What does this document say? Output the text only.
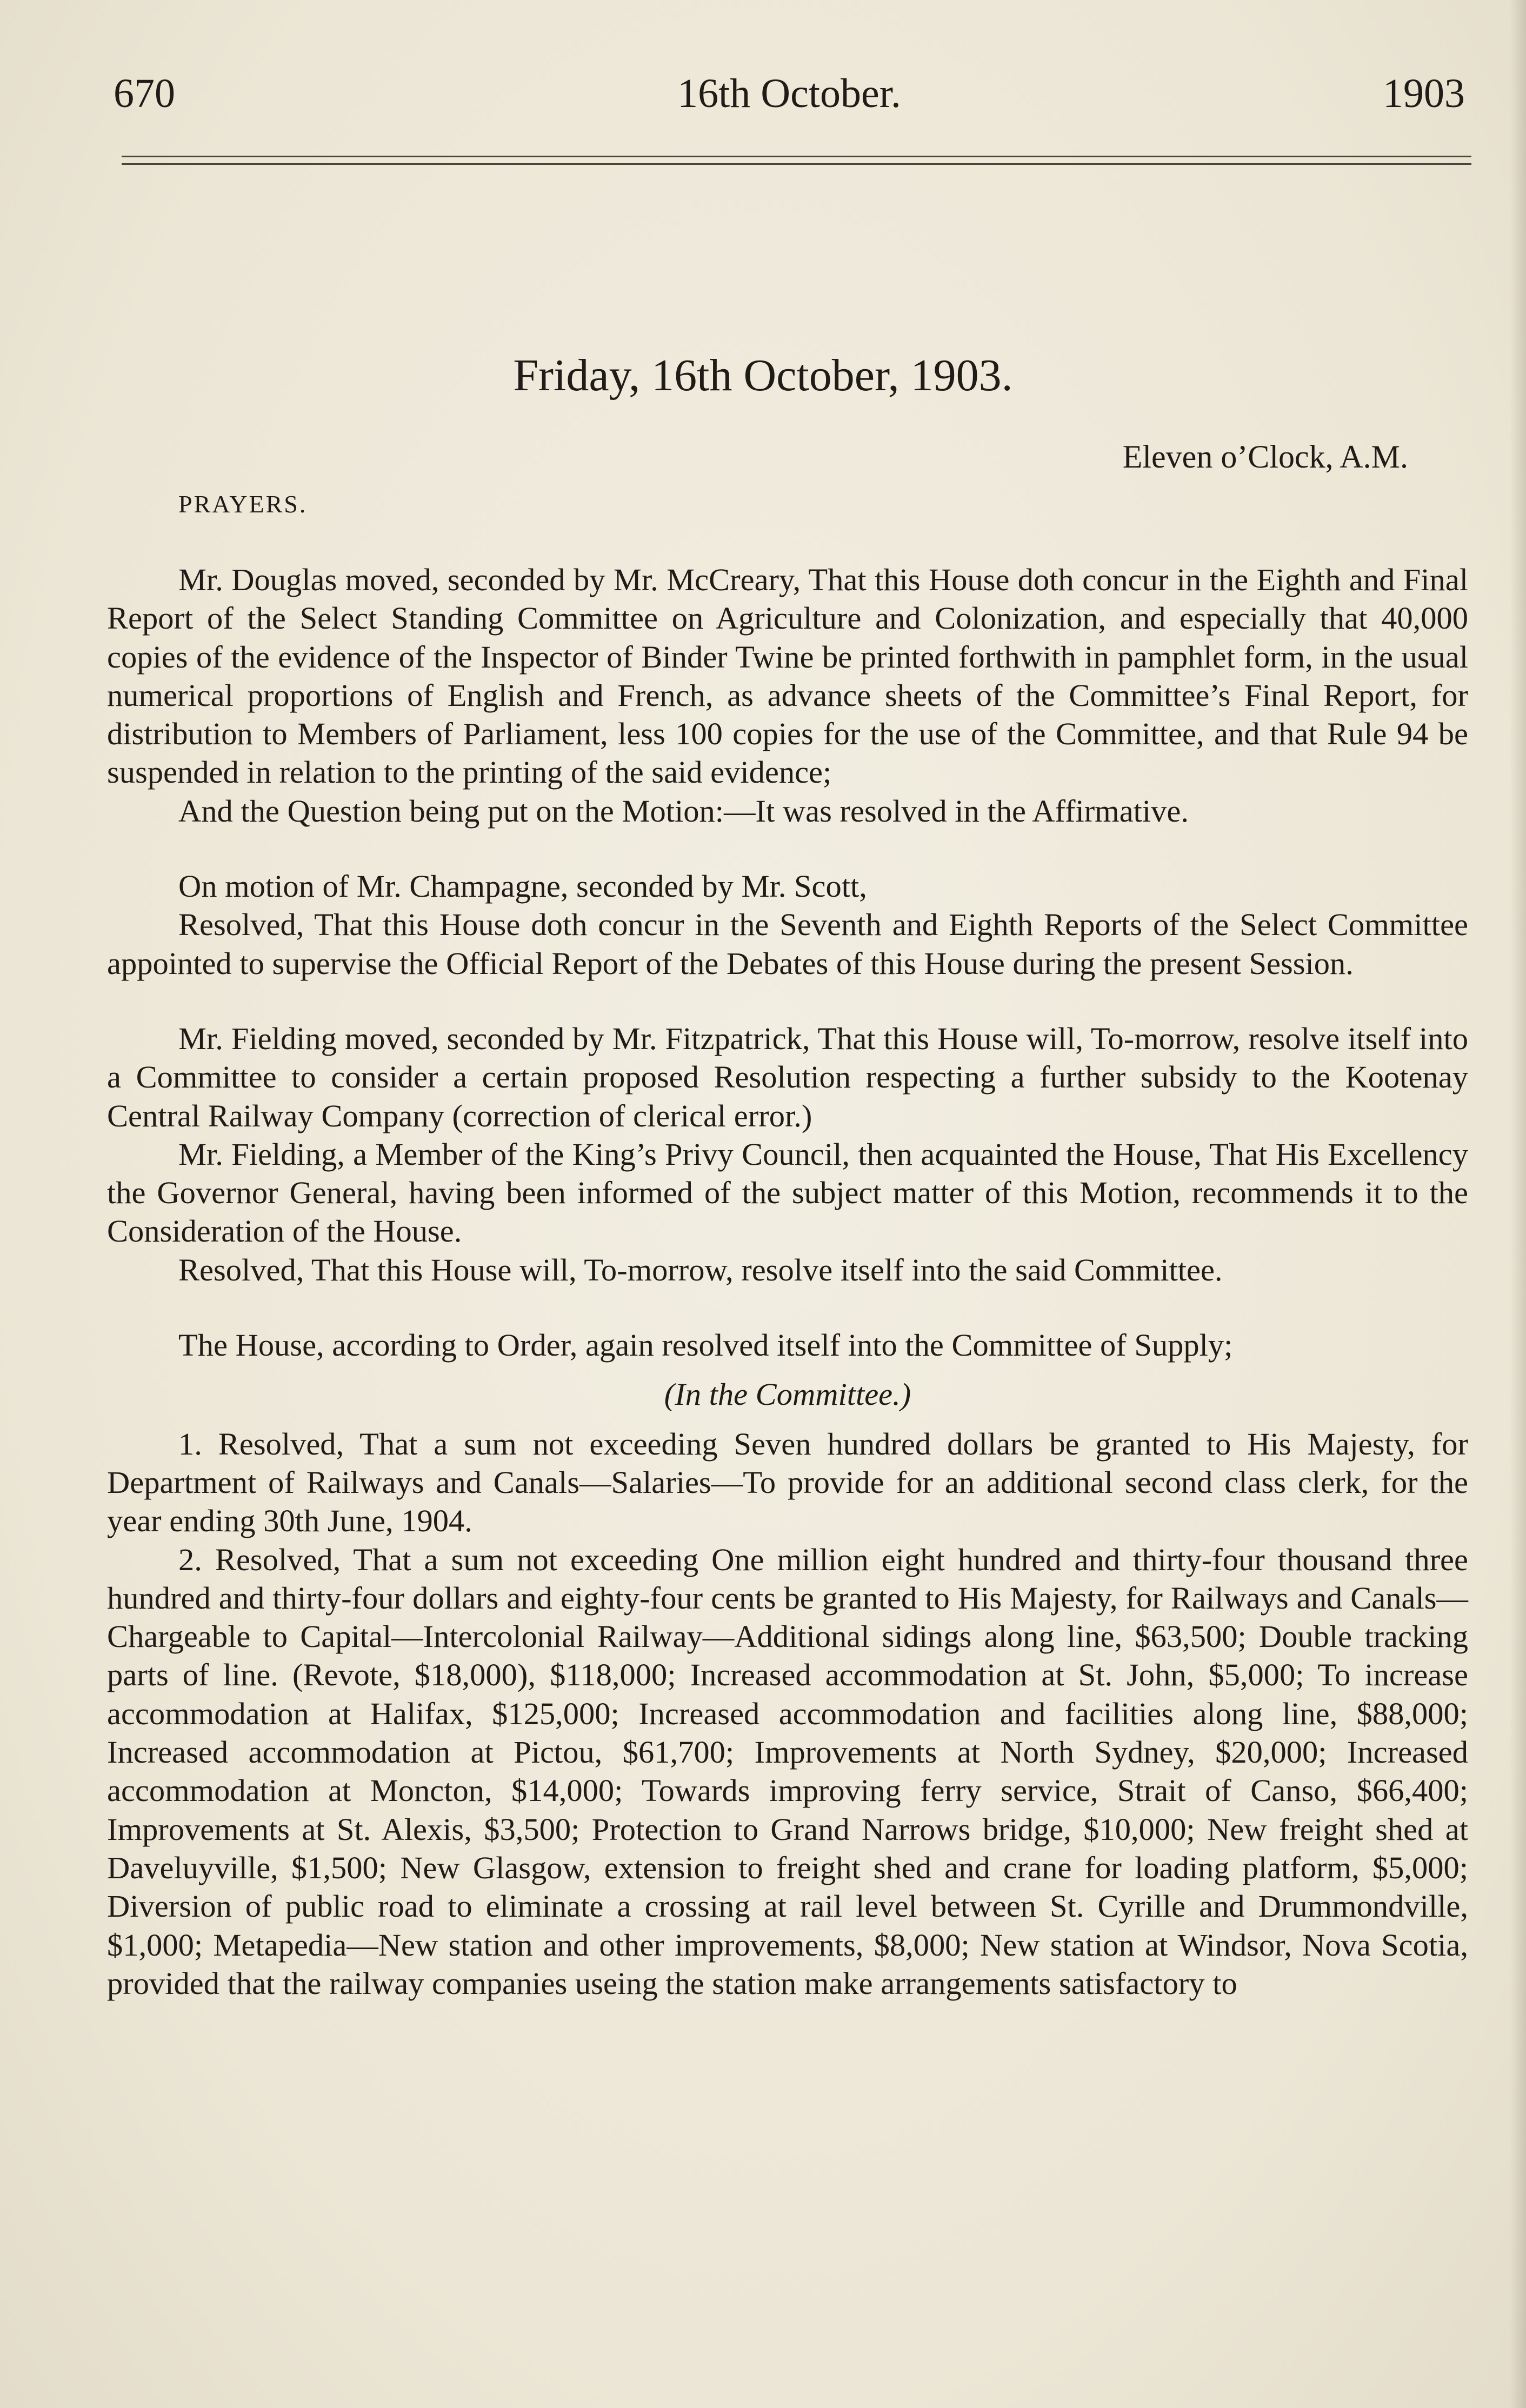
16th October.
670	1903
Friday, 16th October, 1903.
Eleven o’Clock, A.M.
PRAYERS.

Mr. Douglas moved, seconded by Mr. McCreary, That this House doth concur in the Eighth and Final Report of the Select Standing Committee on Agriculture and Colonization, and especially that 40,000 copies of the evidence of the Inspector of Binder Twine be printed forthwith in pamphlet form, in the usual numerical proportions of English and French, as advance sheets of the Committee’s Final Report, for distribution to Members of Parliament, less 100 copies for the use of the Committee, and that Rule 94 be suspended in relation to the printing of the said evidence;

And the Question being put on the Motion:—It was resolved in the Affirmative.

On motion of Mr. Champagne, seconded by Mr. Scott,

Resolved, That this House doth concur in the Seventh and Eighth Reports of the Select Committee appointed to supervise the Official Report of the Debates of this House during the present Session.

Mr. Fielding moved, seconded by Mr. Fitzpatrick, That this House will, To-morrow, resolve itself into a Committee to consider a certain proposed Resolution respecting a further subsidy to the Kootenay Central Railway Company (correction of clerical error.)

Mr. Fielding, a Member of the King’s Privy Council, then acquainted the House, That His Excellency the Governor General, having been informed of the subject matter of this Motion, recommends it to the Consideration of the House.

Resolved, That this House will, To-morrow, resolve itself into the said Committee.

The House, according to Order, again resolved itself into the Committee of Supply;

(In the Committee.)

1. Resolved, That a sum not exceeding Seven hundred dollars be granted to His Majesty, for Department of Railways and Canals—Salaries—To provide for an additional second class clerk, for the year ending 30th June, 1904.

2. Resolved, That a sum not exceeding One million eight hundred and thirty-four thousand three hundred and thirty-four dollars and eighty-four cents be granted to His Majesty, for Railways and Canals—Chargeable to Capital—Intercolonial Railway—Additional sidings along line, $63,500; Double tracking parts of line. (Revote, $18,000), $118,000; Increased accommodation at St. John, $5,000; To increase accommodation at Halifax, $125,000; Increased accommodation and facilities along line, $88,000; Increased accommodation at Pictou, $61,700; Improvements at North Sydney, $20,000; Increased accommodation at Moncton, $14,000; Towards improving ferry service, Strait of Canso, $66,400; Improvements at St. Alexis, $3,500; Protection to Grand Narrows bridge, $10,000; New freight shed at Daveluyville, $1,500; New Glasgow, extension to freight shed and crane for loading platform, $5,000; Diversion of public road to eliminate a crossing at rail level between St. Cyrille and Drummondville, $1,000; Metapedia—New station and other improvements, $8,000; New station at Windsor, Nova Scotia, provided that the railway companies useing the station make arrangements satisfactory to
